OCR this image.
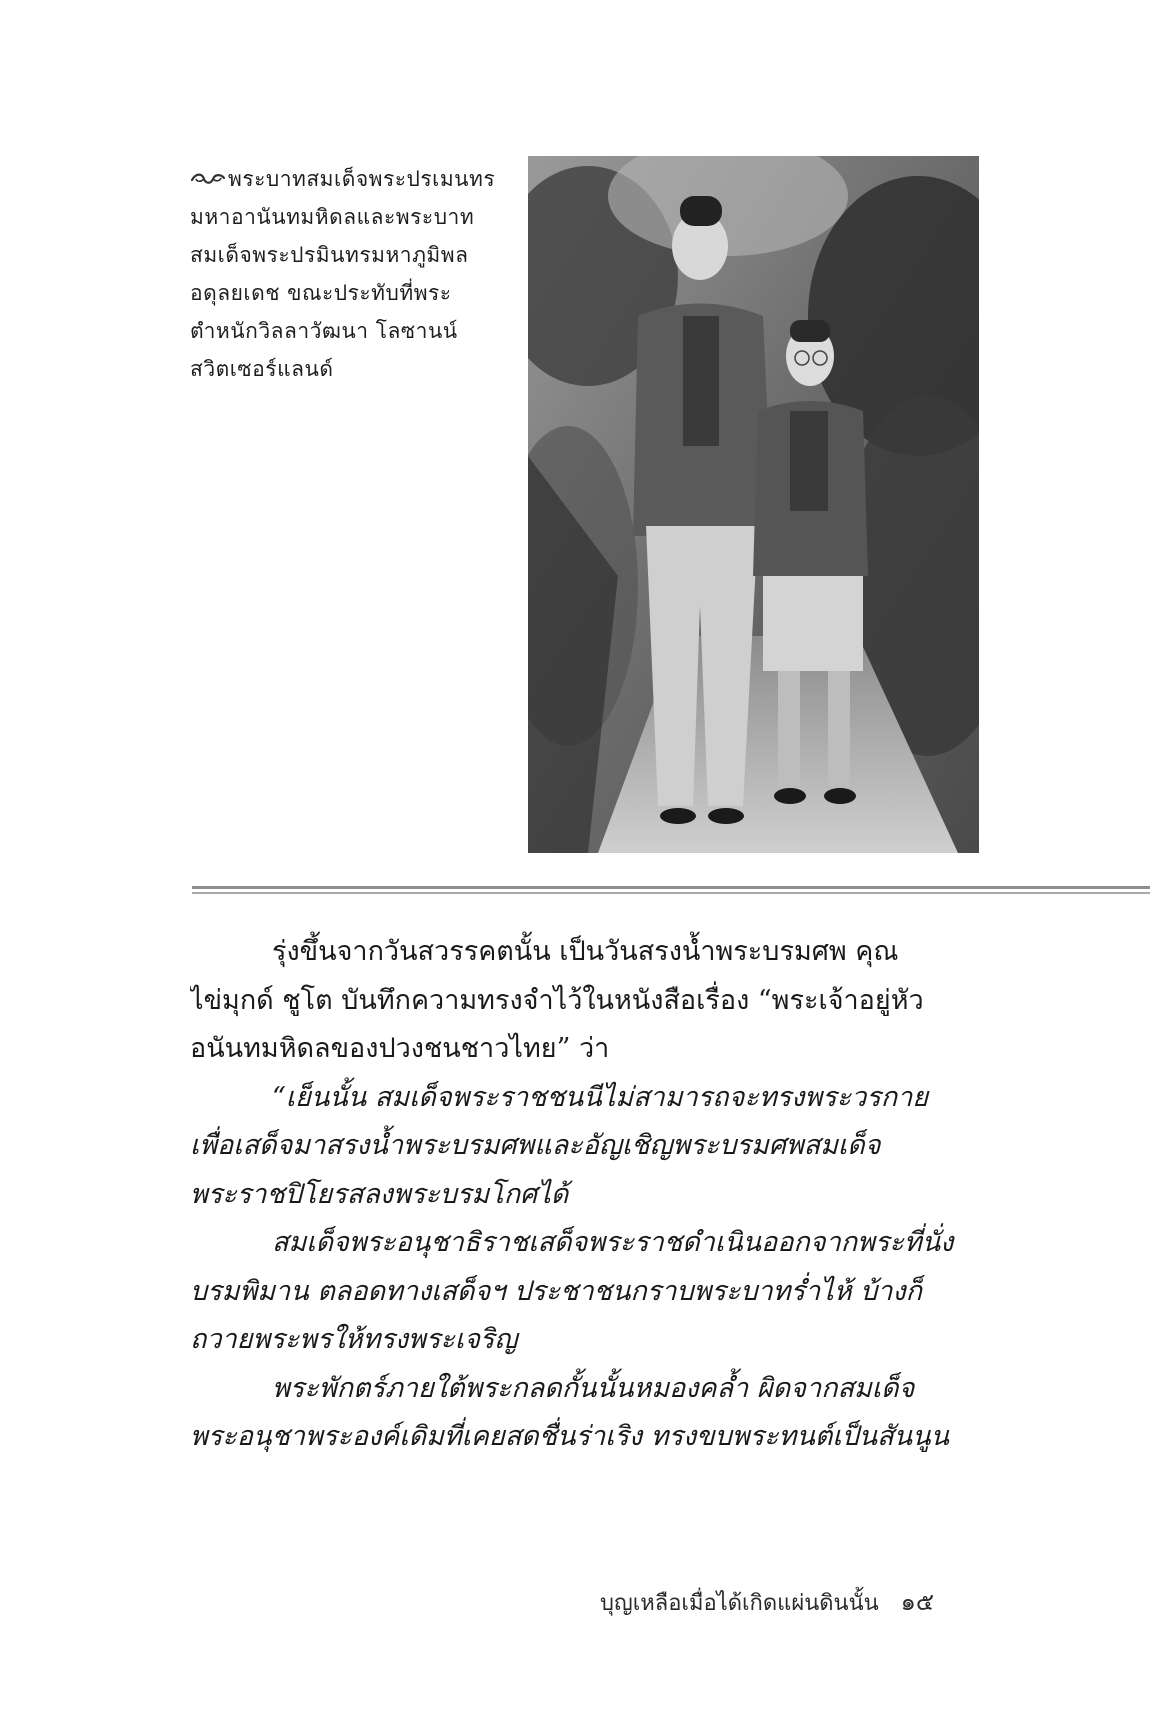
พระบาทสมเด็จพระปรเมนทร
มหาอานันทมหิดลและพระบาท
สมเด็จพระปรมินทรมหาภูมิพล
อดุลยเดช ขณะประทับที่พระ
ตำหนักวิลลาวัฒนา โลซานน์
สวิตเซอร์แลนด์
รุ่งขึ้นจากวันสวรรคตนั้น เป็นวันสรงน้ำพระบรมศพ คุณ
ไข่มุกด์ ชูโต บันทึกความทรงจำไว้ในหนังสือเรื่อง “พระเจ้าอยู่หัว
อนันทมหิดลของปวงชนชาวไทย” ว่า
“เย็นนั้น สมเด็จพระราชชนนีไม่สามารถจะทรงพระวรกาย
เพื่อเสด็จมาสรงน้ำพระบรมศพและอัญเชิญพระบรมศพสมเด็จ
พระราชปิโยรสลงพระบรมโกศได้
สมเด็จพระอนุชาธิราชเสด็จพระราชดำเนินออกจากพระที่นั่ง
บรมพิมาน ตลอดทางเสด็จฯ ประชาชนกราบพระบาทร่ำไห้ บ้างก็
ถวายพระพรให้ทรงพระเจริญ
พระพักตร์ภายใต้พระกลดกั้นนั้นหมองคล้ำ ผิดจากสมเด็จ
พระอนุชาพระองค์เดิมที่เคยสดชื่นร่าเริง ทรงขบพระทนต์เป็นสันนูน
บุญเหลือเมื่อได้เกิดแผ่นดินนั้น ๑๕
